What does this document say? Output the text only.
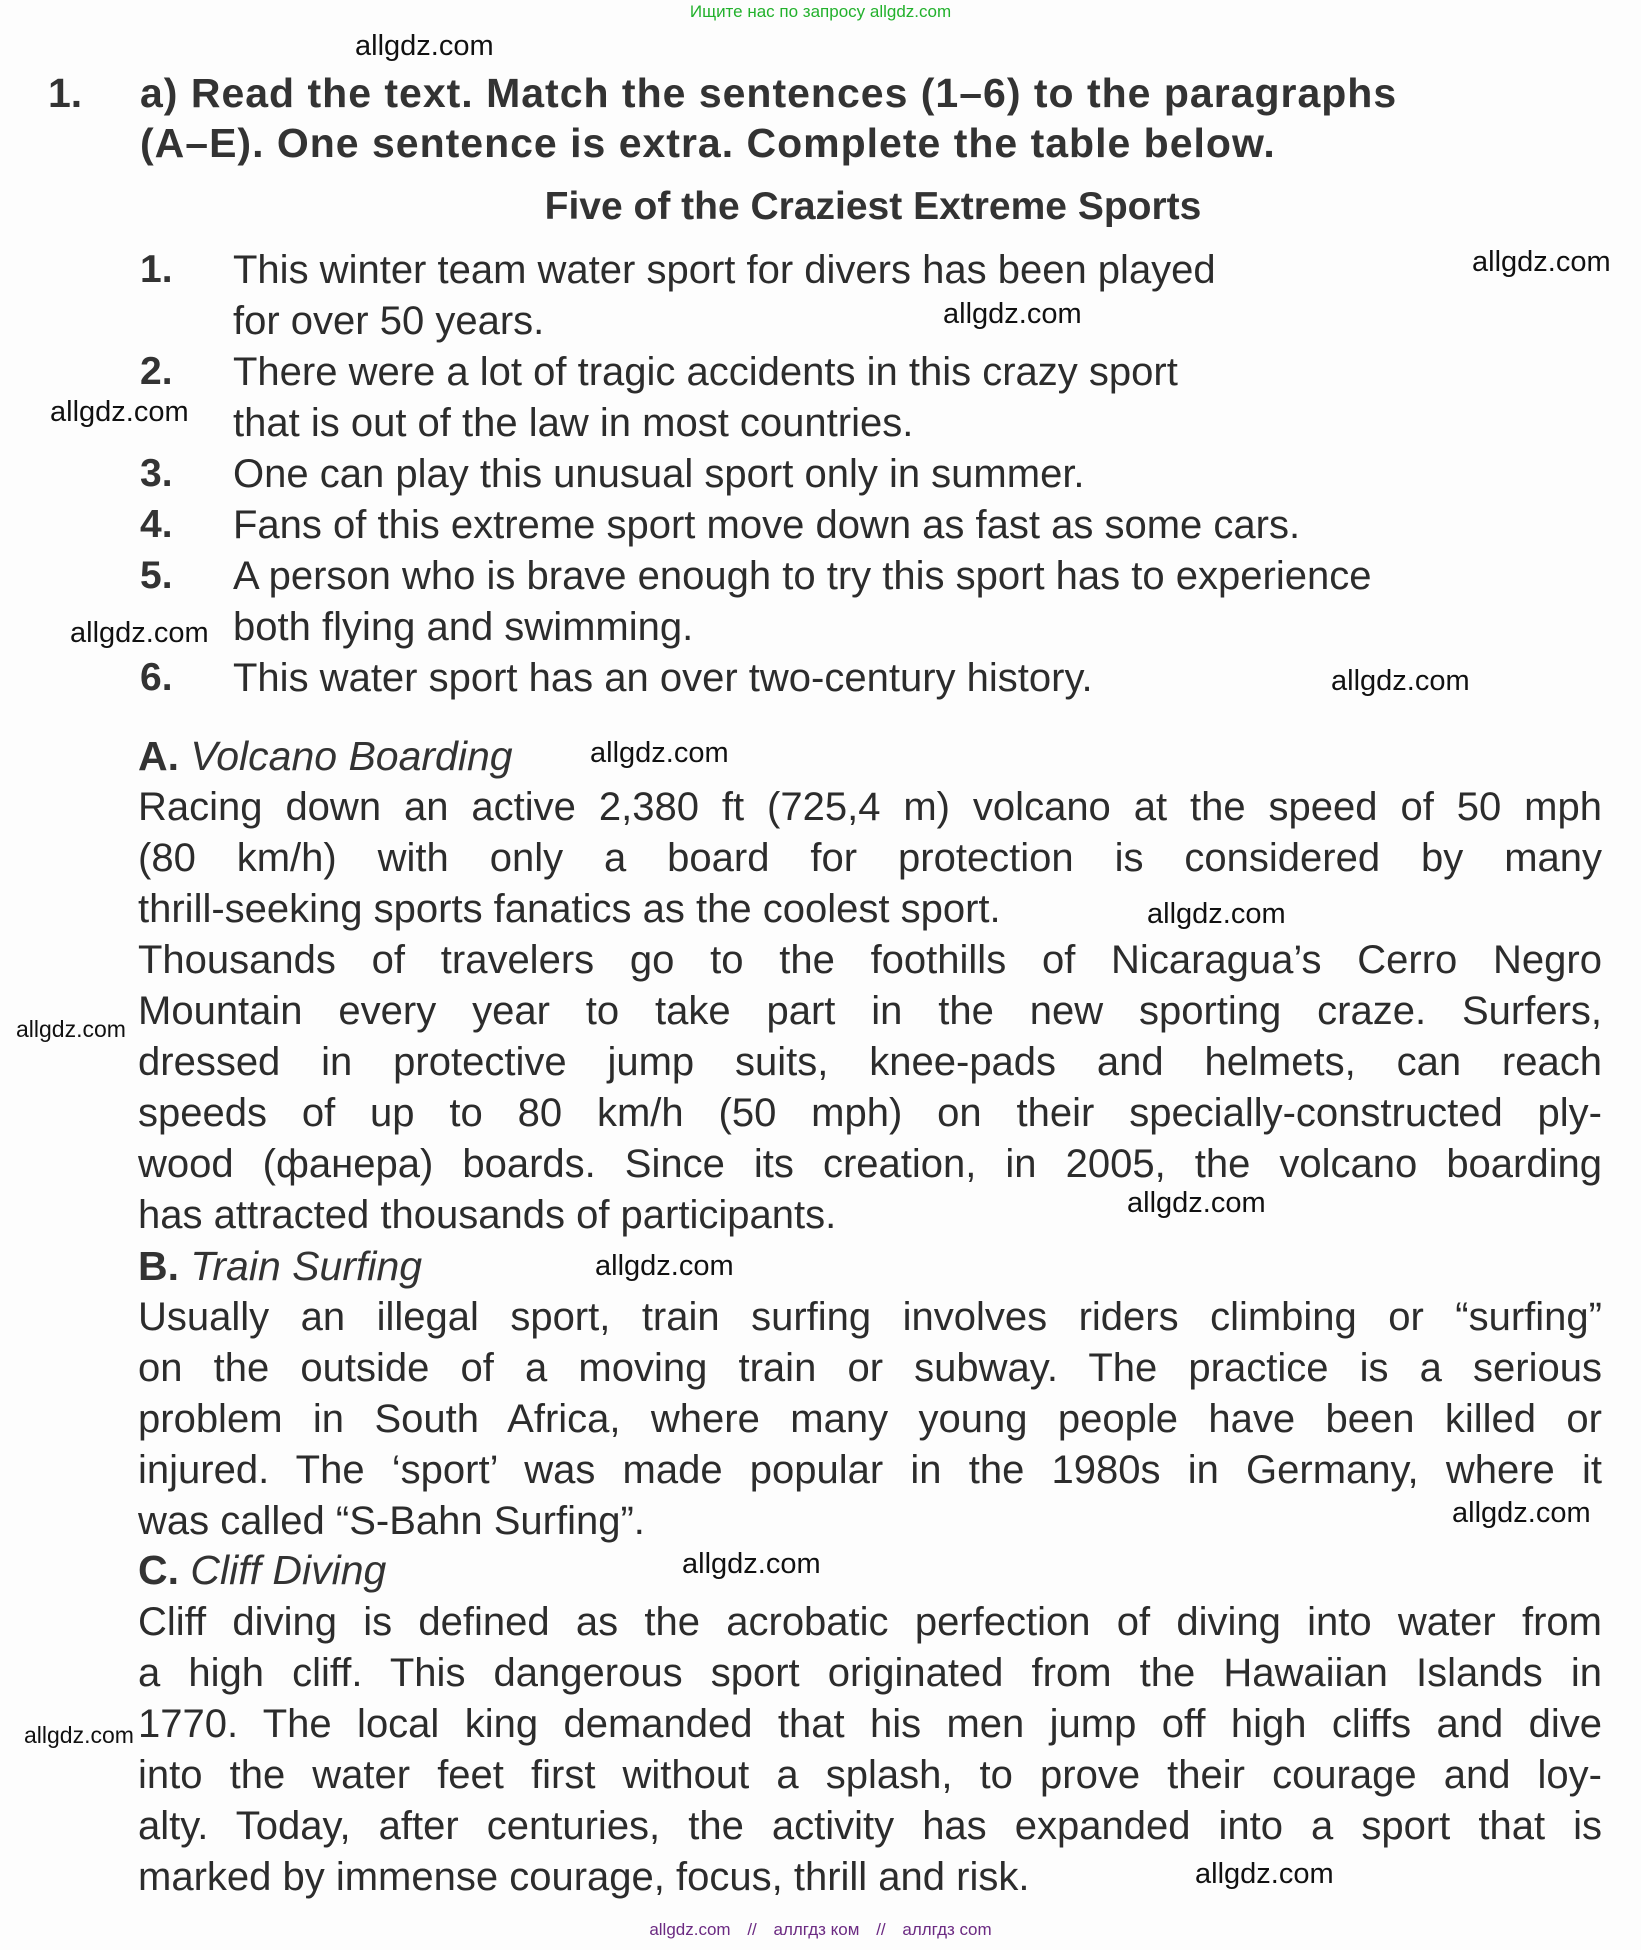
Ищите нас по запросу allgdz.com
allgdz.com
allgdz.com
allgdz.com
allgdz.com
allgdz.com
allgdz.com
allgdz.com
allgdz.com
allgdz.com
allgdz.com
allgdz.com
allgdz.com
allgdz.com
allgdz.com
allgdz.com
1. a) Read the text. Match the sentences (1–6) to the paragraphs
(A–E). One sentence is extra. Complete the table below.
Five of the Craziest Extreme Sports
1. This winter team water sport for divers has been played
for over 50 years.
2. There were a lot of tragic accidents in this crazy sport
that is out of the law in most countries.
3. One can play this unusual sport only in summer.
4. Fans of this extreme sport move down as fast as some cars.
5. A person who is brave enough to try this sport has to experience
both flying and swimming.
6. This water sport has an over two-century history.
A. Volcano Boarding
Racing down an active 2,380 ft (725,4 m) volcano at the speed of 50 mph
(80 km/h) with only a board for protection is considered by many
thrill-seeking sports fanatics as the coolest sport.
Thousands of travelers go to the foothills of Nicaragua’s Cerro Negro
Mountain every year to take part in the new sporting craze. Surfers,
dressed in protective jump suits, knee-pads and helmets, can reach
speeds of up to 80 km/h (50 mph) on their specially-constructed ply-
wood (фанера) boards. Since its creation, in 2005, the volcano boarding
has attracted thousands of participants.
B. Train Surfing
Usually an illegal sport, train surfing involves riders climbing or “surfing”
on the outside of a moving train or subway. The practice is a serious
problem in South Africa, where many young people have been killed or
injured. The ‘sport’ was made popular in the 1980s in Germany, where it
was called “S-Bahn Surfing”.
C. Cliff Diving
Cliff diving is defined as the acrobatic perfection of diving into water from
a high cliff. This dangerous sport originated from the Hawaiian Islands in
1770. The local king demanded that his men jump off high cliffs and dive
into the water feet first without a splash, to prove their courage and loy-
alty. Today, after centuries, the activity has expanded into a sport that is
marked by immense courage, focus, thrill and risk.
allgdz.com // аллгдз ком // аллгдз com
